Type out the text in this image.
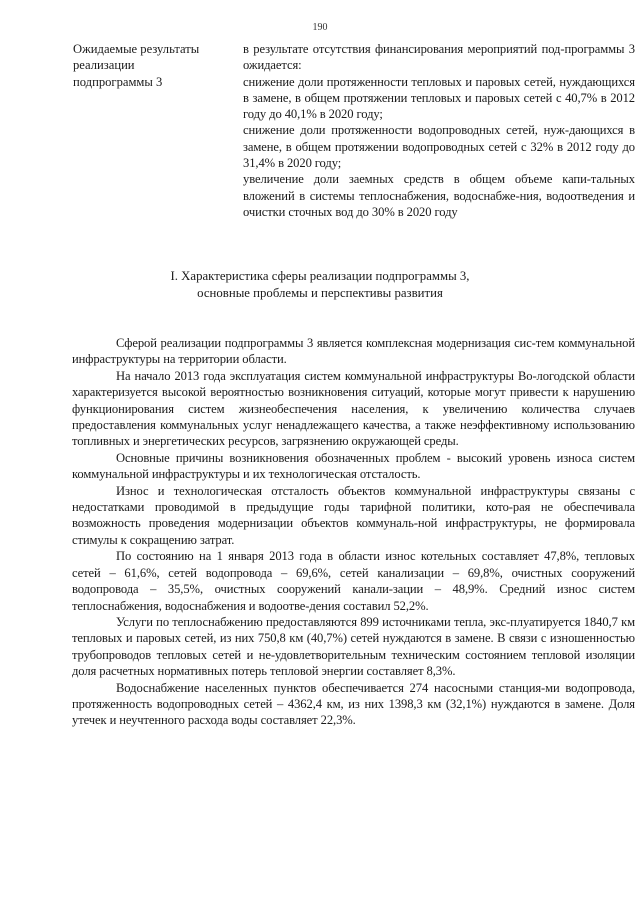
190
Ожидаемые результаты
реализации
подпрограммы 3

в результате отсутствия финансирования мероприятий под-программы 3 ожидается:

снижение доли протяженности тепловых и паровых сетей, нуждающихся в замене, в общем протяжении тепловых и паровых сетей с 40,7% в 2012 году до 40,1% в 2020 году;

снижение доли протяженности водопроводных сетей, нуж-дающихся в замене, в общем протяжении водопроводных сетей с 32% в 2012 году до 31,4% в 2020 году;

увеличение доли заемных средств в общем объеме капи-тальных вложений в системы теплоснабжения, водоснабже-ния, водоотведения и очистки сточных вод до 30% в 2020 году

I. Характеристика сферы реализации подпрограммы 3,
основные проблемы и перспективы развития

Сферой реализации подпрограммы 3 является комплексная модернизация сис-тем коммунальной инфраструктуры на территории области.

На начало 2013 года эксплуатация систем коммунальной инфраструктуры Во-логодской области характеризуется высокой вероятностью возникновения ситуаций, которые могут привести к нарушению функционирования систем жизнеобеспечения населения, к увеличению количества случаев предоставления коммунальных услуг ненадлежащего качества, а также неэффективному использованию топливных и энергетических ресурсов, загрязнению окружающей среды.

Основные причины возникновения обозначенных проблем - высокий уровень износа систем коммунальной инфраструктуры и их технологическая отсталость.

Износ и технологическая отсталость объектов коммунальной инфраструктуры связаны с недостатками проводимой в предыдущие годы тарифной политики, кото-рая не обеспечивала возможность проведения модернизации объектов коммуналь-ной инфраструктуры, не формировала стимулы к сокращению затрат.

По состоянию на 1 января 2013 года в области износ котельных составляет 47,8%, тепловых сетей – 61,6%, сетей водопровода – 69,6%, сетей канализации – 69,8%, очистных сооружений водопровода – 35,5%, очистных сооружений канали-зации – 48,9%. Средний износ систем теплоснабжения, водоснабжения и водоотве-дения составил 52,2%.

Услуги по теплоснабжению предоставляются 899 источниками тепла, экс-плуатируется 1840,7 км тепловых и паровых сетей, из них 750,8 км (40,7%) сетей нуждаются в замене. В связи с изношенностью трубопроводов тепловых сетей и не-удовлетворительным техническим состоянием тепловой изоляции доля расчетных нормативных потерь тепловой энергии составляет 8,3%.

Водоснабжение населенных пунктов обеспечивается 274 насосными станция-ми водопровода, протяженность водопроводных сетей – 4362,4 км, из них 1398,3 км (32,1%) нуждаются в замене. Доля утечек и неучтенного расхода воды составляет 22,3%.
